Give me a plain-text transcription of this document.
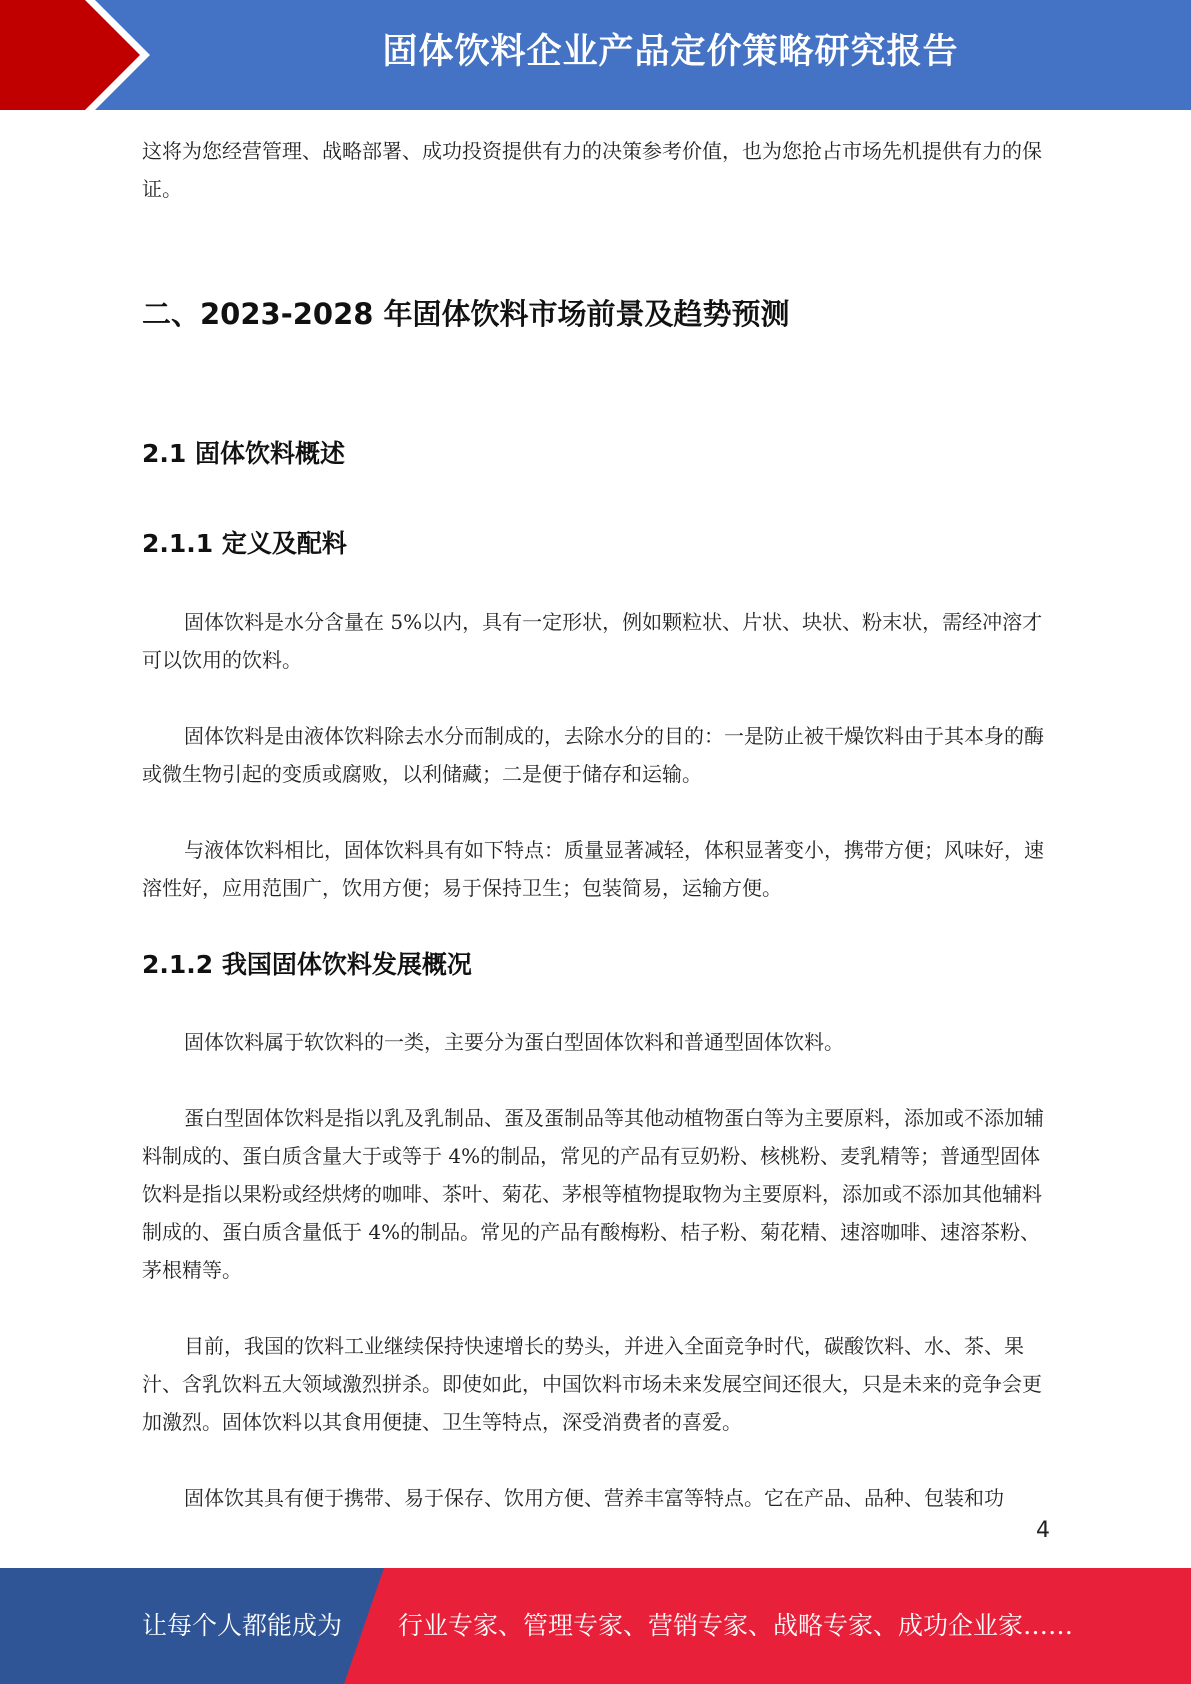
固体饮料企业产品定价策略研究报告

这将为您经营管理、战略部署、成功投资提供有力的决策参考价值，也为您抢占市场先机提供有力的保证。

二、2023-2028 年固体饮料市场前景及趋势预测
2.1 固体饮料概述
2.1.1 定义及配料

固体饮料是水分含量在 5%以内，具有一定形状，例如颗粒状、片状、块状、粉末状，需经冲溶才可以饮用的饮料。

固体饮料是由液体饮料除去水分而制成的，去除水分的目的：一是防止被干燥饮料由于其本身的酶或微生物引起的变质或腐败，以利储藏；二是便于储存和运输。

与液体饮料相比，固体饮料具有如下特点：质量显著减轻，体积显著变小，携带方便；风味好，速溶性好，应用范围广，饮用方便；易于保持卫生；包装简易，运输方便。

2.1.2 我国固体饮料发展概况

固体饮料属于软饮料的一类，主要分为蛋白型固体饮料和普通型固体饮料。

蛋白型固体饮料是指以乳及乳制品、蛋及蛋制品等其他动植物蛋白等为主要原料，添加或不添加辅料制成的、蛋白质含量大于或等于 4%的制品，常见的产品有豆奶粉、核桃粉、麦乳精等；普通型固体饮料是指以果粉或经烘烤的咖啡、茶叶、菊花、茅根等植物提取物为主要原料，添加或不添加其他辅料制成的、蛋白质含量低于 4%的制品。常见的产品有酸梅粉、桔子粉、菊花精、速溶咖啡、速溶茶粉、茅根精等。

目前，我国的饮料工业继续保持快速增长的势头，并进入全面竞争时代，碳酸饮料、水、茶、果汁、含乳饮料五大领域激烈拼杀。即使如此，中国饮料市场未来发展空间还很大，只是未来的竞争会更加激烈。固体饮料以其食用便捷、卫生等特点，深受消费者的喜爱。

固体饮其具有便于携带、易于保存、饮用方便、营养丰富等特点。它在产品、品种、包装和功

4
让每个人都能成为 行业专家、管理专家、营销专家、战略专家、成功企业家……
